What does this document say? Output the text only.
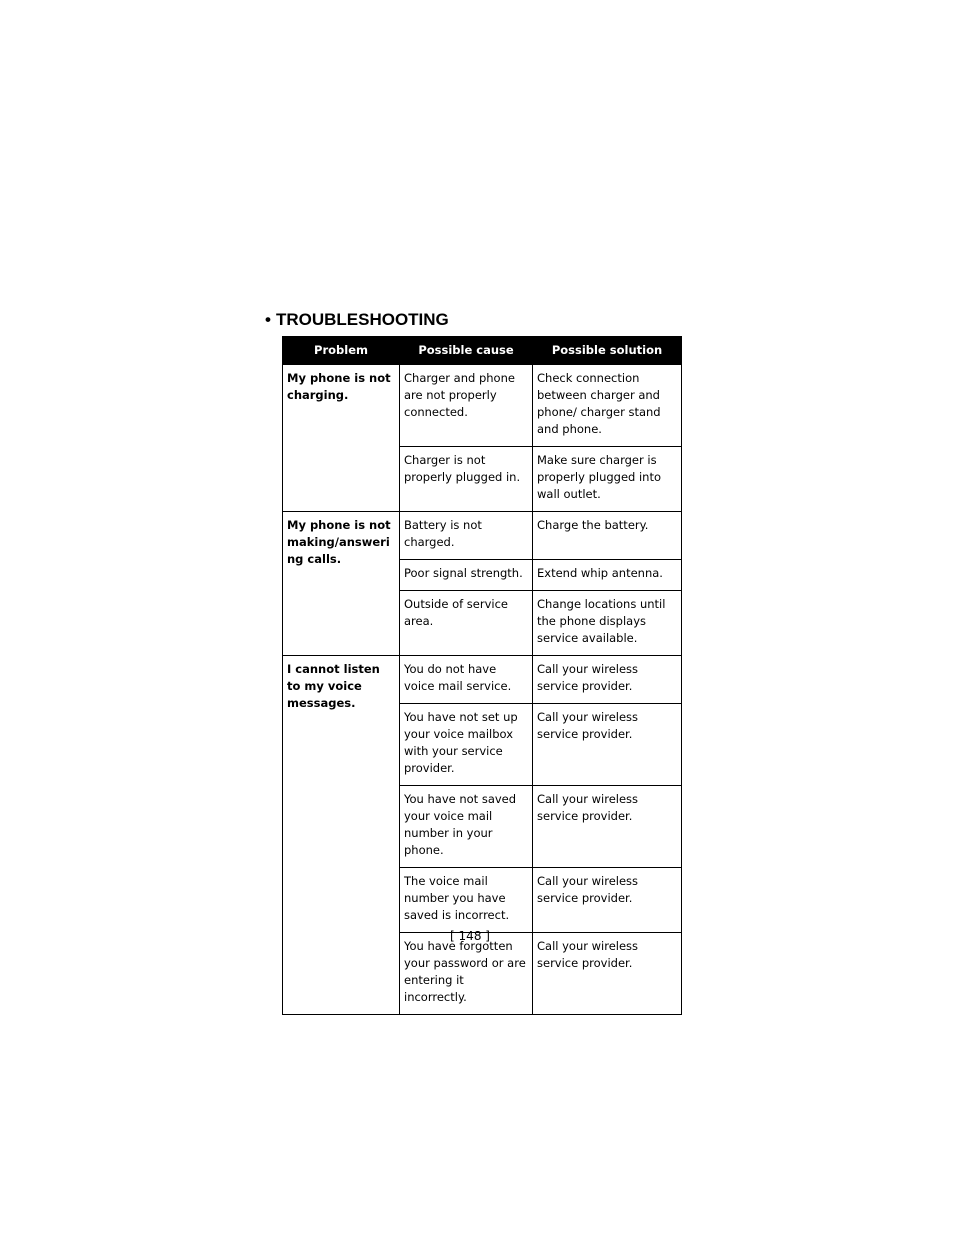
• TROUBLESHOOTING
Problem	Possible cause	Possible solution
My phone is not charging.	Charger and phone are not properly connected.	Check connection between charger and phone/ charger stand and phone.
	Charger is not properly plugged in.	Make sure charger is properly plugged into wall outlet.
My phone is not making/answering calls.	Battery is not charged.	Charge the battery.
	Poor signal strength.	Extend whip antenna.
	Outside of service area.	Change locations until the phone displays service available.
I cannot listen to my voice messages.	You do not have voice mail service.	Call your wireless service provider.
	You have not set up your voice mailbox with your service provider.	Call your wireless service provider.
	You have not saved your voice mail number in your phone.	Call your wireless service provider.
	The voice mail number you have saved is incorrect.	Call your wireless service provider.
	You have forgotten your password or are entering it incorrectly.	Call your wireless service provider.
[ 148 ]
